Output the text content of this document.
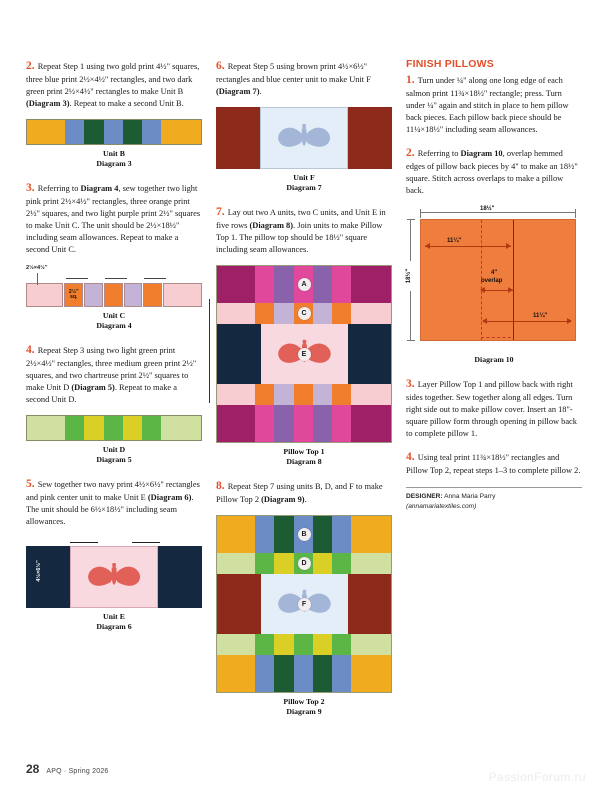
2. Repeat Step 1 using two gold print 4½" squares, three blue print 2½×4½" rectangles, and two dark green print 2½×4½" rectangles to make Unit B (Diagram 3). Repeat to make a second Unit B.

Unit B
Diagram 3

3. Referring to Diagram 4, sew together two light pink print 2½×4½" rectangles, three orange print 2½" squares, and two light purple print 2½" squares to make Unit C. The unit should be 2½×18½" including seam allowances. Repeat to make a second Unit C.

2½×4½"
2½"
sq.
Unit C
Diagram 4

4. Repeat Step 3 using two light green print 2½×4½" rectangles, three medium green print 2½" squares, and two chartreuse print 2½" squares to make Unit D (Diagram 5). Repeat to make a second Unit D.

Unit D
Diagram 5

5. Sew together two navy print 4½×6½" rectangles and pink center unit to make Unit E (Diagram 6). The unit should be 6½×18½" including seam allowances.

4½×6½"
Unit E
Diagram 6

6. Repeat Step 5 using brown print 4½×6½" rectangles and blue center unit to make Unit F (Diagram 7).

Unit F
Diagram 7

7. Lay out two A units, two C units, and Unit E in five rows (Diagram 8). Join units to make Pillow Top 1. The pillow top should be 18½" square including seam allowances.

A
C
E
Pillow Top 1
Diagram 8

8. Repeat Step 7 using units B, D, and F to make Pillow Top 2 (Diagram 9).

B
D
F
Pillow Top 2
Diagram 9
FINISH PILLOWS

1. Turn under ¼" along one long edge of each salmon print 11¾×18½" rectangle; press. Turn under ¼" again and stitch in place to hem pillow back pieces. Each pillow back piece should be 11¼×18½" including seam allowances.

2. Referring to Diagram 10, overlap hemmed edges of pillow back pieces by 4" to make an 18½" square. Stitch across overlaps to make a pillow back.

18½"
18½"
11¼"
4"
overlap
11¼"
Diagram 10

3. Layer Pillow Top 1 and pillow back with right sides together. Sew together along all edges. Turn right side out to make pillow cover. Insert an 18"-square pillow form through opening in pillow back to complete pillow 1.

4. Using teal print 11¾×18½" rectangles and Pillow Top 2, repeat steps 1–3 to complete pillow 2.

DESIGNER: Anna Maria Parry
(annamariatextiles.com)
28 APQ · Spring 2026	PassionForum.ru
